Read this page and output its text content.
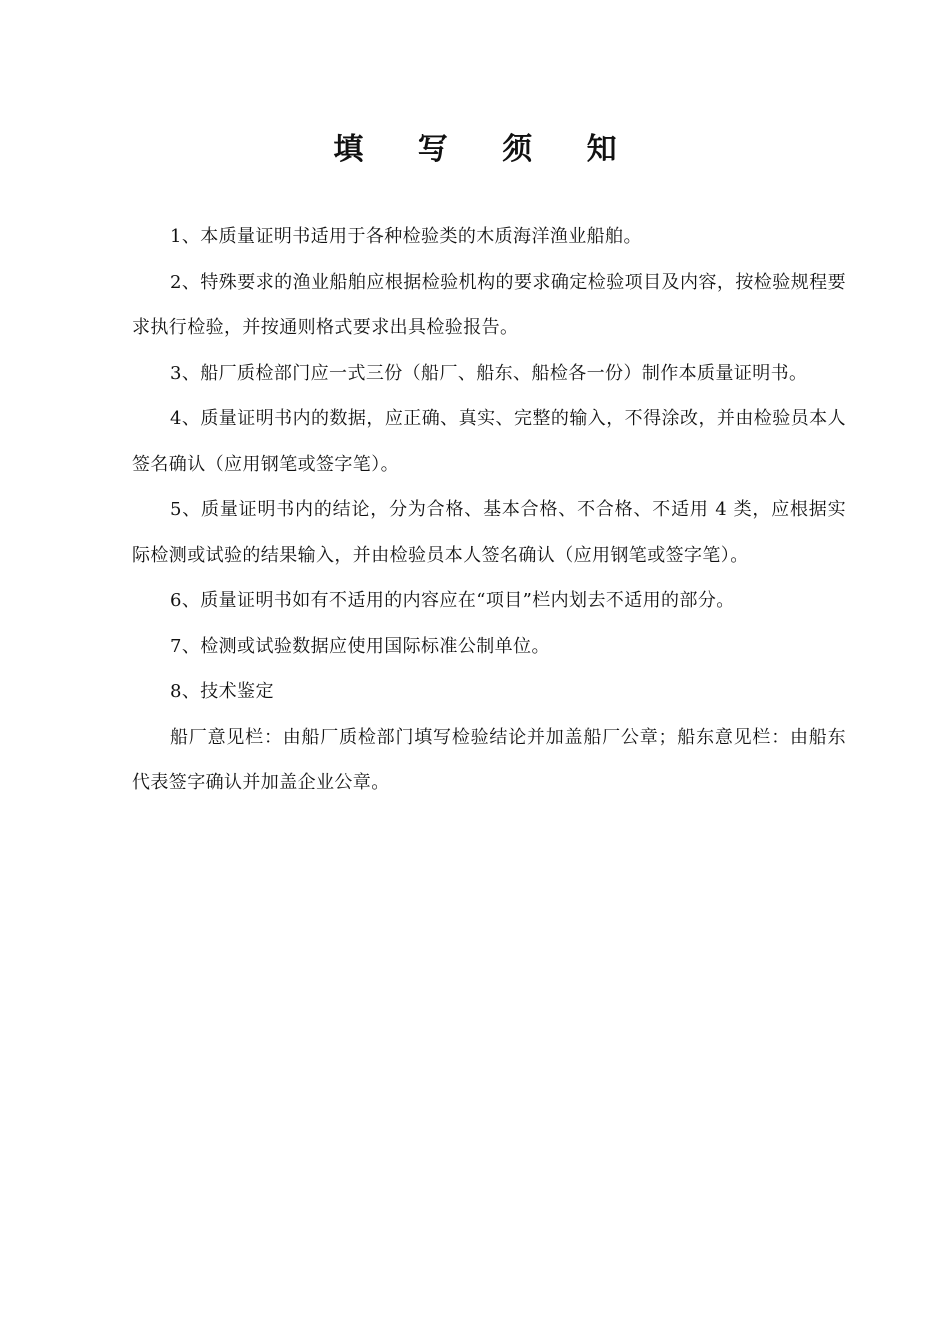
填 写 须 知

1、本质量证明书适用于各种检验类的木质海洋渔业船舶。

2、特殊要求的渔业船舶应根据检验机构的要求确定检验项目及内容，按检验规程要求执行检验，并按通则格式要求出具检验报告。

3、船厂质检部门应一式三份（船厂、船东、船检各一份）制作本质量证明书。

4、质量证明书内的数据，应正确、真实、完整的输入，不得涂改，并由检验员本人签名确认（应用钢笔或签字笔）。

5、质量证明书内的结论，分为合格、基本合格、不合格、不适用 4 类，应根据实际检测或试验的结果输入，并由检验员本人签名确认（应用钢笔或签字笔）。

6、质量证明书如有不适用的内容应在“项目”栏内划去不适用的部分。

7、检测或试验数据应使用国际标准公制单位。

8、技术鉴定

船厂意见栏：由船厂质检部门填写检验结论并加盖船厂公章；船东意见栏：由船东代表签字确认并加盖企业公章。
